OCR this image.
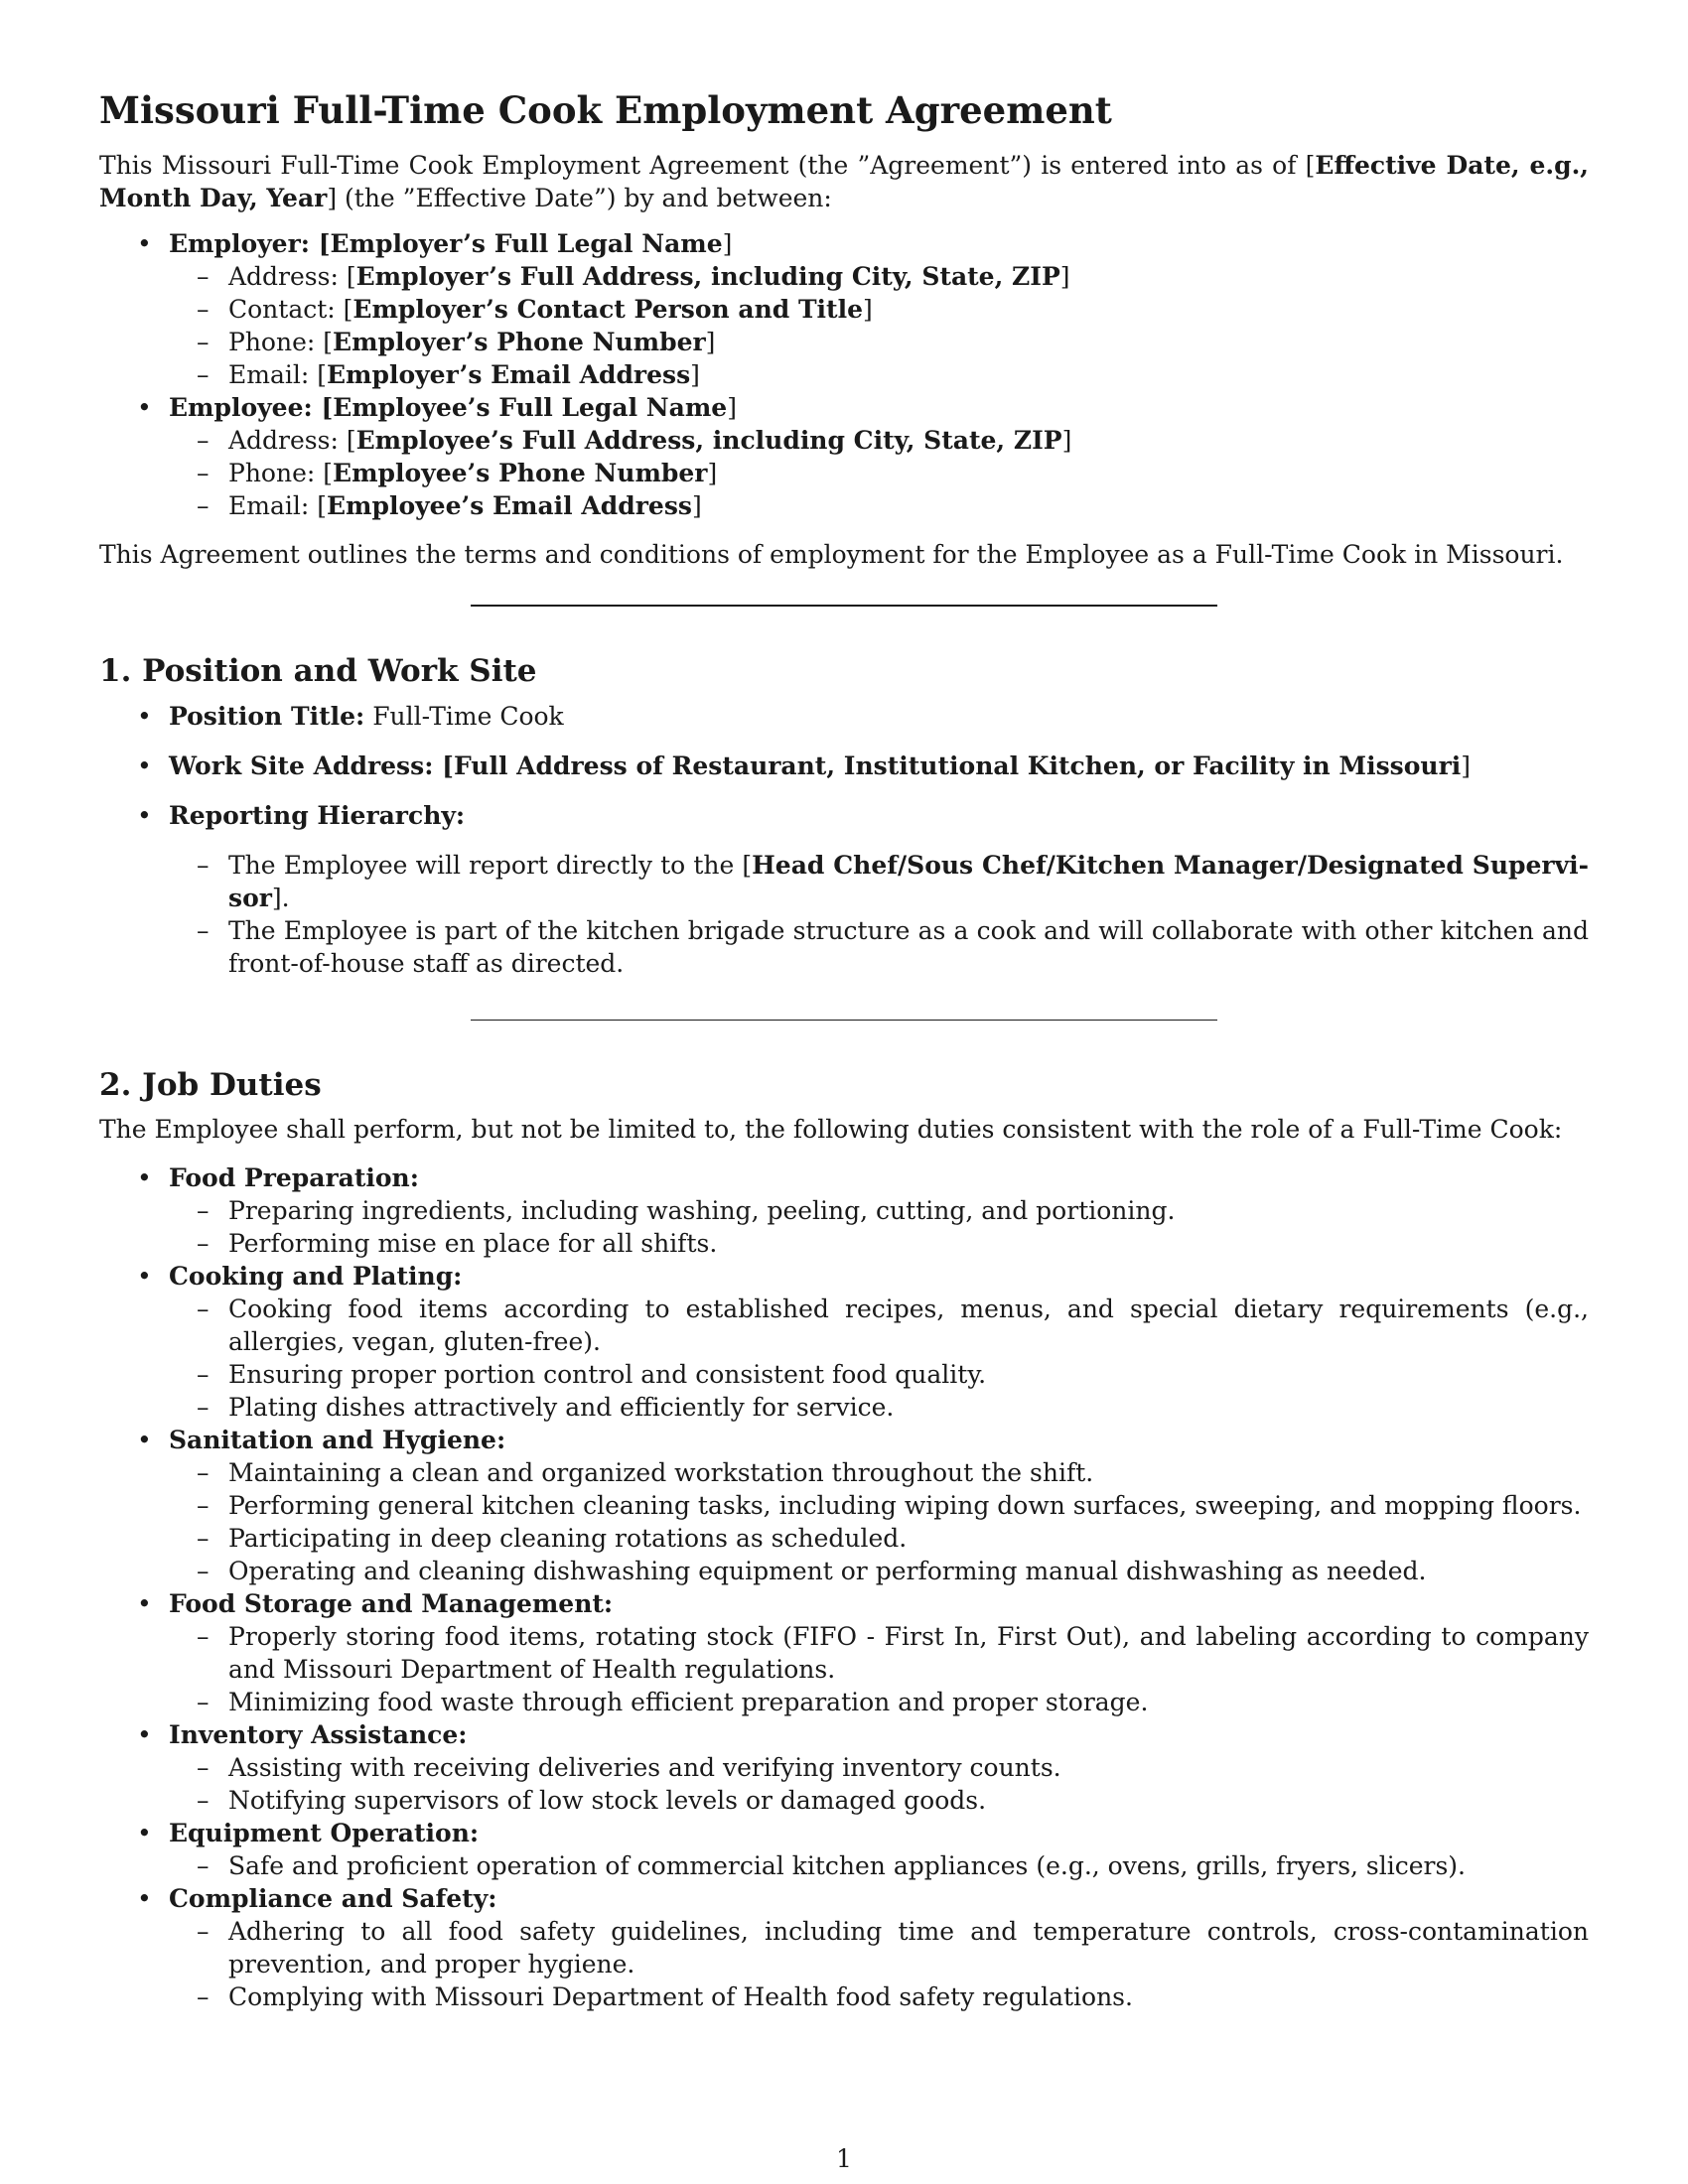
Missouri Full-Time Cook Employment Agreement

This Missouri Full-Time Cook Employment Agreement (the ”Agreement”) is entered into as of [Effective Date, e.g., Month Day, Year] (the ”Effective Date”) by and between:

• Employer: [Employer’s Full Legal Name]
– Address: [Employer’s Full Address, including City, State, ZIP]
– Contact: [Employer’s Contact Person and Title]
– Phone: [Employer’s Phone Number]
– Email: [Employer’s Email Address]
• Employee: [Employee’s Full Legal Name]
– Address: [Employee’s Full Address, including City, State, ZIP]
– Phone: [Employee’s Phone Number]
– Email: [Employee’s Email Address]

This Agreement outlines the terms and conditions of employment for the Employee as a Full-Time Cook in Missouri.

1. Position and Work Site
• Position Title: Full-Time Cook
• Work Site Address: [Full Address of Restaurant, Institutional Kitchen, or Facility in Missouri]
• Reporting Hierarchy:
– The Employee will report directly to the [Head Chef/Sous Chef/Kitchen Manager/Designated Supervi-sor].
– The Employee is part of the kitchen brigade structure as a cook and will collaborate with other kitchen and front-of-house staff as directed.
2. Job Duties

The Employee shall perform, but not be limited to, the following duties consistent with the role of a Full-Time Cook:

• Food Preparation:
– Preparing ingredients, including washing, peeling, cutting, and portioning.
– Performing mise en place for all shifts.
• Cooking and Plating:
– Cooking food items according to established recipes, menus, and special dietary requirements (e.g., allergies, vegan, gluten-free).
– Ensuring proper portion control and consistent food quality.
– Plating dishes attractively and efficiently for service.
• Sanitation and Hygiene:
– Maintaining a clean and organized workstation throughout the shift.
– Performing general kitchen cleaning tasks, including wiping down surfaces, sweeping, and mopping floors.
– Participating in deep cleaning rotations as scheduled.
– Operating and cleaning dishwashing equipment or performing manual dishwashing as needed.
• Food Storage and Management:
– Properly storing food items, rotating stock (FIFO - First In, First Out), and labeling according to company and Missouri Department of Health regulations.
– Minimizing food waste through efficient preparation and proper storage.
• Inventory Assistance:
– Assisting with receiving deliveries and verifying inventory counts.
– Notifying supervisors of low stock levels or damaged goods.
• Equipment Operation:
– Safe and proficient operation of commercial kitchen appliances (e.g., ovens, grills, fryers, slicers).
• Compliance and Safety:
– Adhering to all food safety guidelines, including time and temperature controls, cross-contamination prevention, and proper hygiene.
– Complying with Missouri Department of Health food safety regulations.
1
